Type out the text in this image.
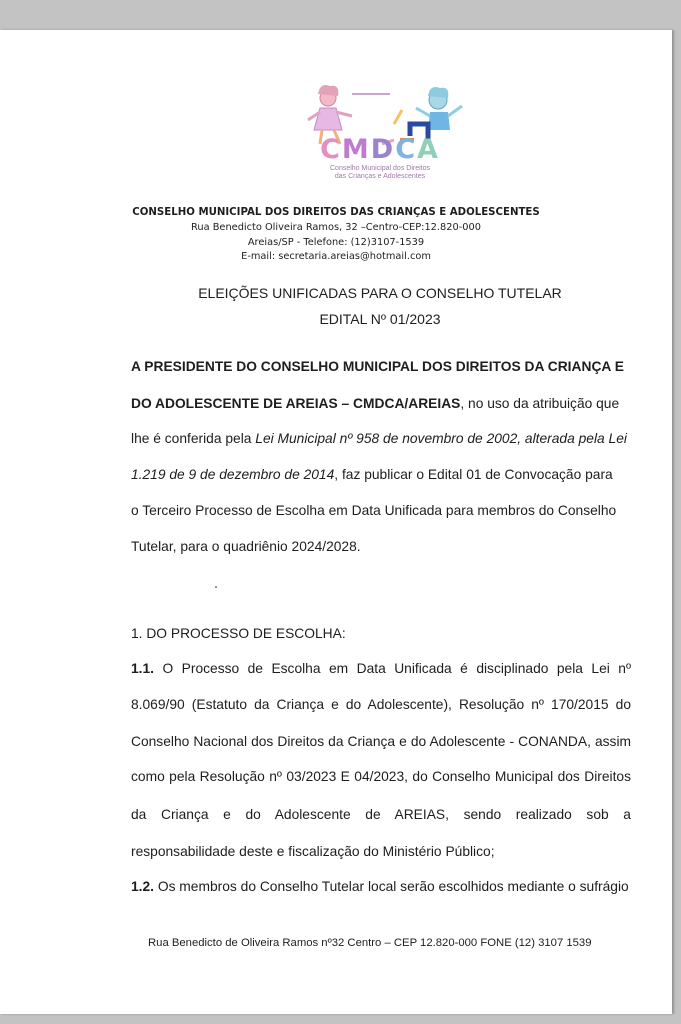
CMDCA
Conselho Municipal dos Direitos
das Crianças e Adolescentes
CONSELHO MUNICIPAL DOS DIREITOS DAS CRIANÇAS E ADOLESCENTES
Rua Benedicto Oliveira Ramos, 32 –Centro-CEP:12.820-000
Areias/SP - Telefone: (12)3107-1539
E-mail: secretaria.areias@hotmail.com
ELEIÇÕES UNIFICADAS PARA O CONSELHO TUTELAR
EDITAL Nº 01/2023
A PRESIDENTE DO CONSELHO MUNICIPAL DOS DIREITOS DA CRIANÇA E
DO ADOLESCENTE DE AREIAS – CMDCA/AREIAS, no uso da atribuição que
lhe é conferida pela Lei Municipal nº 958 de novembro de 2002, alterada pela Lei
1.219 de 9 de dezembro de 2014, faz publicar o Edital 01 de Convocação para
o Terceiro Processo de Escolha em Data Unificada para membros do Conselho
Tutelar, para o quadriênio 2024/2028.
1. DO PROCESSO DE ESCOLHA:
1.1. O Processo de Escolha em Data Unificada é disciplinado pela Lei nº
8.069/90 (Estatuto da Criança e do Adolescente), Resolução nº 170/2015 do
Conselho Nacional dos Direitos da Criança e do Adolescente - CONANDA, assim
como pela Resolução nº 03/2023 E 04/2023, do Conselho Municipal dos Direitos
da Criança e do Adolescente de AREIAS, sendo realizado sob a
responsabilidade deste e fiscalização do Ministério Público;
1.2. Os membros do Conselho Tutelar local serão escolhidos mediante o sufrágio
Rua Benedicto de Oliveira Ramos nº32 Centro – CEP 12.820-000 FONE (12) 3107 1539
